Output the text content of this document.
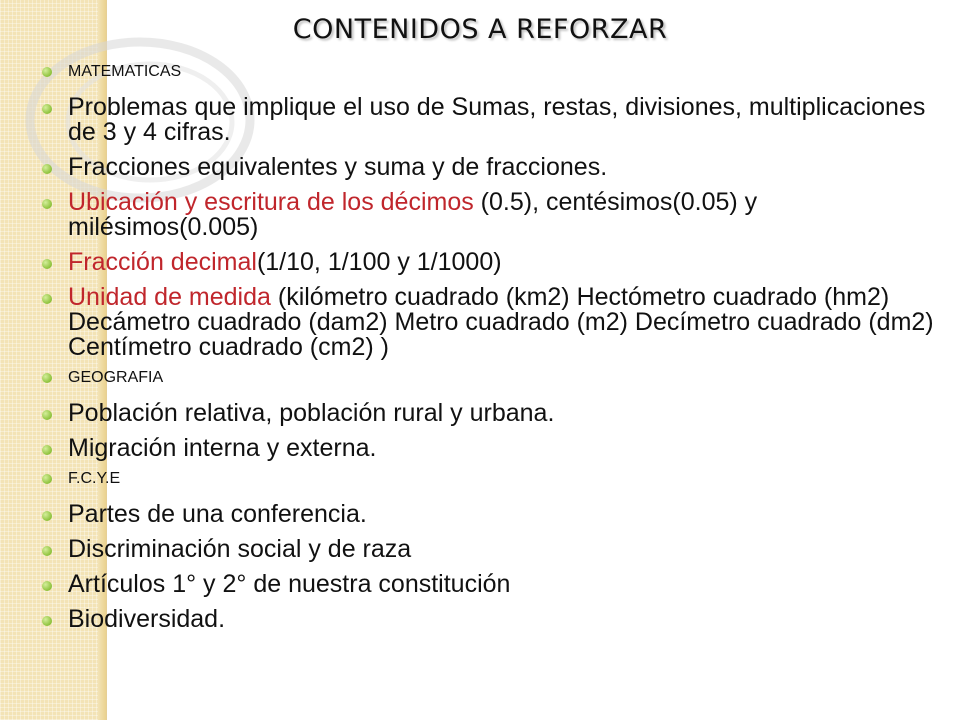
CONTENIDOS A REFORZAR
MATEMATICAS
Problemas que implique el uso de Sumas, restas, divisiones, multiplicaciones de 3 y 4 cifras.
Fracciones equivalentes y suma y de fracciones.
Ubicación y escritura de los décimos (0.5), centésimos(0.05) y milésimos(0.005)
Fracción decimal(1/10, 1/100 y 1/1000)
Unidad de medida (kilómetro cuadrado (km2) Hectómetro cuadrado (hm2) Decámetro cuadrado (dam2) Metro cuadrado (m2) Decímetro cuadrado (dm2) Centímetro cuadrado (cm2) )
GEOGRAFIA
Población relativa, población rural y urbana.
Migración interna y externa.
F.C.Y.E
Partes de una conferencia.
Discriminación social y de raza
Artículos 1° y 2° de nuestra constitución
Biodiversidad.
